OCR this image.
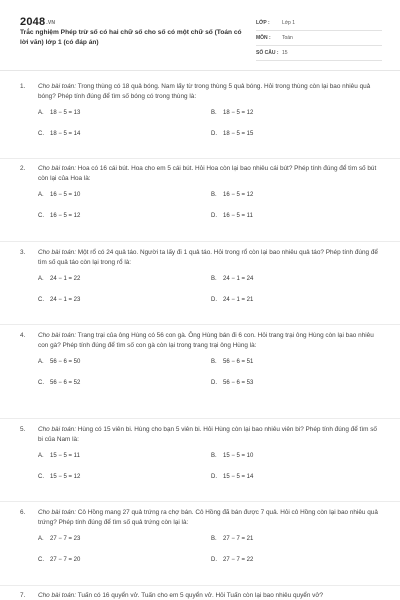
$2048^{.VN}$
Trắc nghiệm Phép trừ số có hai chữ số cho số có một chữ số (Toán có lời văn) lớp 1 (có đáp án)
LỚP :	Lớp 1
MÔN :	Toán
SỐ CÂU : 15
1.	Cho bài toán: Trong thùng có 18 quả bóng. Nam lấy từ trong thùng 5 quả bóng. Hỏi trong thùng còn lại bao nhiêu quả bóng? Phép tính đúng để tìm số bóng có trong thùng là:
A.	18 − 5 = 13	B.	18 − 5 = 12
C.	18 − 5 = 14	D.	18 − 5 = 15
2.	Cho bài toán: Hoa có 16 cái bút. Hoa cho em 5 cái bút. Hỏi Hoa còn lại bao nhiêu cái bút? Phép tính đúng để tìm số bút còn lại của Hoa là:
A.	16 − 5 = 10	B.	16 − 5 = 12
C.	16 − 5 = 12	D.	16 − 5 = 11
3.	Cho bài toán: Một rổ có 24 quả táo. Người ta lấy đi 1 quả táo. Hỏi trong rổ còn lại bao nhiêu quả táo? Phép tính đúng để tìm số quả táo còn lại trong rổ là:
A.	24 − 1 = 22	B.	24 − 1 = 24
C.	24 − 1 = 23	D.	24 − 1 = 21
4.	Cho bài toán: Trang trại của ông Hùng có 56 con gà. Ông Hùng bán đi 6 con. Hỏi trang trại ông Hùng còn lại bao nhiêu con gà? Phép tính đúng để tìm số con gà còn lại trong trang trại ông Hùng là:
A.	56 − 6 = 50	B.	56 − 6 = 51
C.	56 − 6 = 52	D.	56 − 6 = 53
5.	Cho bài toán: Hùng có 15 viên bi. Hùng cho bạn 5 viên bi. Hỏi Hùng còn lại bao nhiêu viên bi? Phép tính đúng để tìm số bi của Nam là:
A.	15 − 5 = 11	B.	15 − 5 = 10
C.	15 − 5 = 12	D.	15 − 5 = 14
6.	Cho bài toán: Cô Hồng mang 27 quả trứng ra chợ bán. Cô Hồng đã bán được 7 quả. Hỏi cô Hồng còn lại bao nhiêu quả trứng? Phép tính đúng để tìm số quả trứng còn lại là:
A.	27 − 7 = 23	B.	27 − 7 = 21
C.	27 − 7 = 20	D.	27 − 7 = 22
7.	Cho bài toán: Tuấn có 16 quyển vở. Tuấn cho em 5 quyển vở. Hỏi Tuấn còn lại bao nhiêu quyển vở?
